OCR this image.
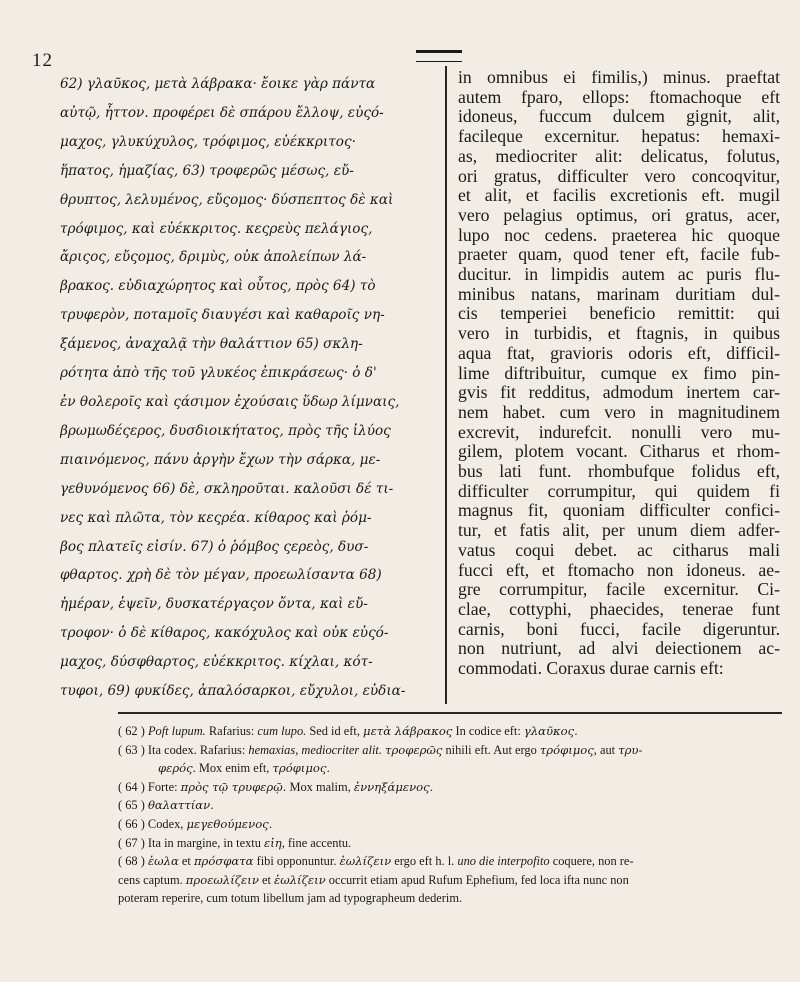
12
62) γλαῦκος, μετὰ λάβρακα· ἔοικε γὰρ πάντα
αὐτῷ, ἧττον. προφέρει δὲ σπάρου ἔλλοψ, εὐςό-
μαχος, γλυκύχυλος, τρόφιμος, εὐέκκριτος·
ἥπατος, ἡμαζίας, 63) τροφερῶς μέσως, εὔ-
θρυπτος, λελυμένος, εὔςομος· δύσπεπτος δὲ καὶ
τρόφιμος, καὶ εὐέκκριτος. κεςρεὺς πελάγιος,
ἄριςος, εὔςομος, δριμὺς, οὐκ ἀπολείπων λά-
βρακος. εὐδιαχώρητος καὶ οὗτος, πρὸς 64) τὸ
τρυφερὸν, ποταμοῖς διαυγέσι καὶ καθαροῖς νη-
ξάμενος, ἀναχαλᾷ τὴν θαλάττιον 65) σκλη-
ρότητα ἀπὸ τῆς τοῦ γλυκέος ἐπικράσεως· ὁ δ'
ἐν θολεροῖς καὶ ςάσιμον ἐχούσαις ὕδωρ λίμναις,
βρωμωδέςερος, δυσδιοικήτατος, πρὸς τῆς ἰλύος
πιαινόμενος, πάνυ ἀργὴν ἔχων τὴν σάρκα, με-
γεθυνόμενος 66) δὲ, σκληροῦται. καλοῦσι δέ τι-
νες καὶ πλῶτα, τὸν κεςρέα. κίθαρος καὶ ῥόμ-
βος πλατεῖς εἰσίν. 67) ὁ ῥόμβος ςερεὸς, δυσ-
φθαρτος. χρὴ δὲ τὸν μέγαν, προεωλίσαντα 68)
ἡμέραν, ἑψεῖν, δυσκατέργαςον ὄντα, καὶ εὔ-
τροφον· ὁ δὲ κίθαρος, κακόχυλος καὶ οὐκ εὐςό-
μαχος, δύσφθαρτος, εὐέκκριτος. κίχλαι, κότ-
τυφοι, 69) φυκίδες, ἀπαλόσαρκοι, εὔχυλοι, εὐδια-
in omnibus ei fimilis,) minus. praeftat
autem fparo, ellops: ftomachoque eft
idoneus, fuccum dulcem gignit, alit,
facileque excernitur. hepatus: hemaxi-
as, mediocriter alit: delicatus, folutus,
ori gratus, difficulter vero concoqvitur,
et alit, et facilis excretionis eft. mugil
vero pelagius optimus, ori gratus, acer,
lupo noc cedens. praeterea hic quoque
praeter quam, quod tener eft, facile fub-
ducitur. in limpidis autem ac puris flu-
minibus natans, marinam duritiam dul-
cis temperiei beneficio remittit: qui
vero in turbidis, et ftagnis, in quibus
aqua ftat, gravioris odoris eft, difficil-
lime diftribuitur, cumque ex fimo pin-
gvis fit redditus, admodum inertem car-
nem habet. cum vero in magnitudinem
excrevit, indurefcit. nonulli vero mu-
gilem, plotem vocant. Citharus et rhom-
bus lati funt. rhombufque folidus eft,
difficulter corrumpitur, qui quidem fi
magnus fit, quoniam difficulter confici-
tur, et fatis alit, per unum diem adfer-
vatus coqui debet. ac citharus mali
fucci eft, et ftomacho non idoneus. ae-
gre corrumpitur, facile excernitur. Ci-
clae, cottyphi, phaecides, tenerae funt
carnis, boni fucci, facile digeruntur.
non nutriunt, ad alvi deiectionem ac-
commodati. Coraxus durae carnis eft:
( 62 ) Poft lupum. Rafarius: cum lupo. Sed id eft, μετὰ λάβρακος In codice eft: γλαῦκος.
( 63 ) Ita codex. Rafarius: hemaxias, mediocriter alit. τροφερῶς nihili eft. Aut ergo τρόφιμος, aut τρυ-
φερός. Mox enim eft, τρόφιμος.
( 64 ) Forte: πρὸς τῷ τρυφερῷ. Mox malim, ἐννηξάμενος.
( 65 ) θαλαττίαν.
( 66 ) Codex, μεγεθούμενος.
( 67 ) Ita in margine, in textu εἰη, fine accentu.
( 68 ) ἑωλα et πρόσφατα fibi opponuntur. ἑωλίζειν ergo eft h. l. uno die interpofito coquere, non re-
cens captum. προεωλίζειν et ἑωλίζειν occurrit etiam apud Rufum Ephefium, fed loca ifta nunc non
poteram reperire, cum totum libellum jam ad typographeum dederim.
